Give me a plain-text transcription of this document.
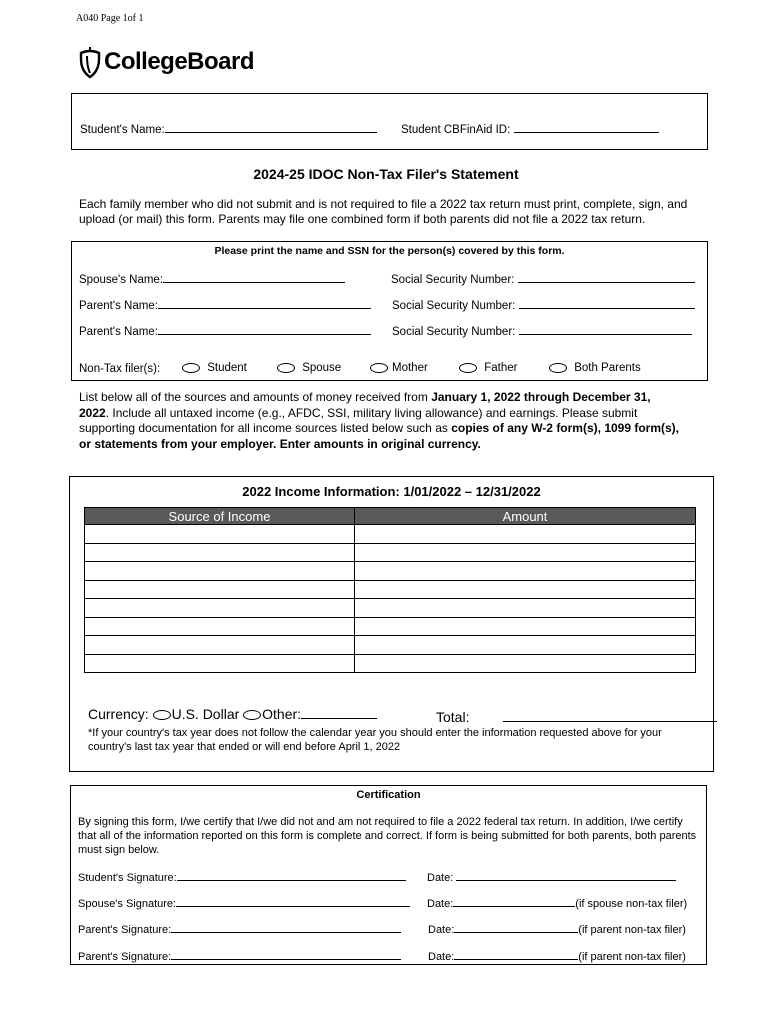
A040 Page 1of 1
CollegeBoard
Student's Name:	Student CBFinAid ID:
2024-25 IDOC Non-Tax Filer's Statement
Each family member who did not submit and is not required to file a 2022 tax return must print, complete, sign, and upload (or mail) this form. Parents may file one combined form if both parents did not file a 2022 tax return.
Please print the name and SSN for the person(s) covered by this form.
Spouse's Name:	Social Security Number:
Parent's Name:	Social Security Number:
Parent's Name:	Social Security Number:
Non-Tax filer(s):	Student	Spouse	Mother	Father	Both Parents
List below all of the sources and amounts of money received from January 1, 2022 through December 31, 2022. Include all untaxed income (e.g., AFDC, SSI, military living allowance) and earnings. Please submit supporting documentation for all income sources listed below such as copies of any W-2 form(s), 1099 form(s), or statements from your employer. Enter amounts in original currency.
2022 Income Information: 1/01/2022 – 12/31/2022
Source of Income	Amount

Currency: U.S. Dollar Other:	Total:
*If your country's tax year does not follow the calendar year you should enter the information requested above for your country's last tax year that ended or will end before April 1, 2022
Certification
By signing this form, I/we certify that I/we did not and am not required to file a 2022 federal tax return. In addition, I/we certify that all of the information reported on this form is complete and correct. If form is being submitted for both parents, both parents must sign below.
Student's Signature:	Date:
Spouse's Signature:	Date:	(if spouse non-tax filer)
Parent's Signature:	Date:	(if parent non-tax filer)
Parent's Signature:	Date:	(if parent non-tax filer)
